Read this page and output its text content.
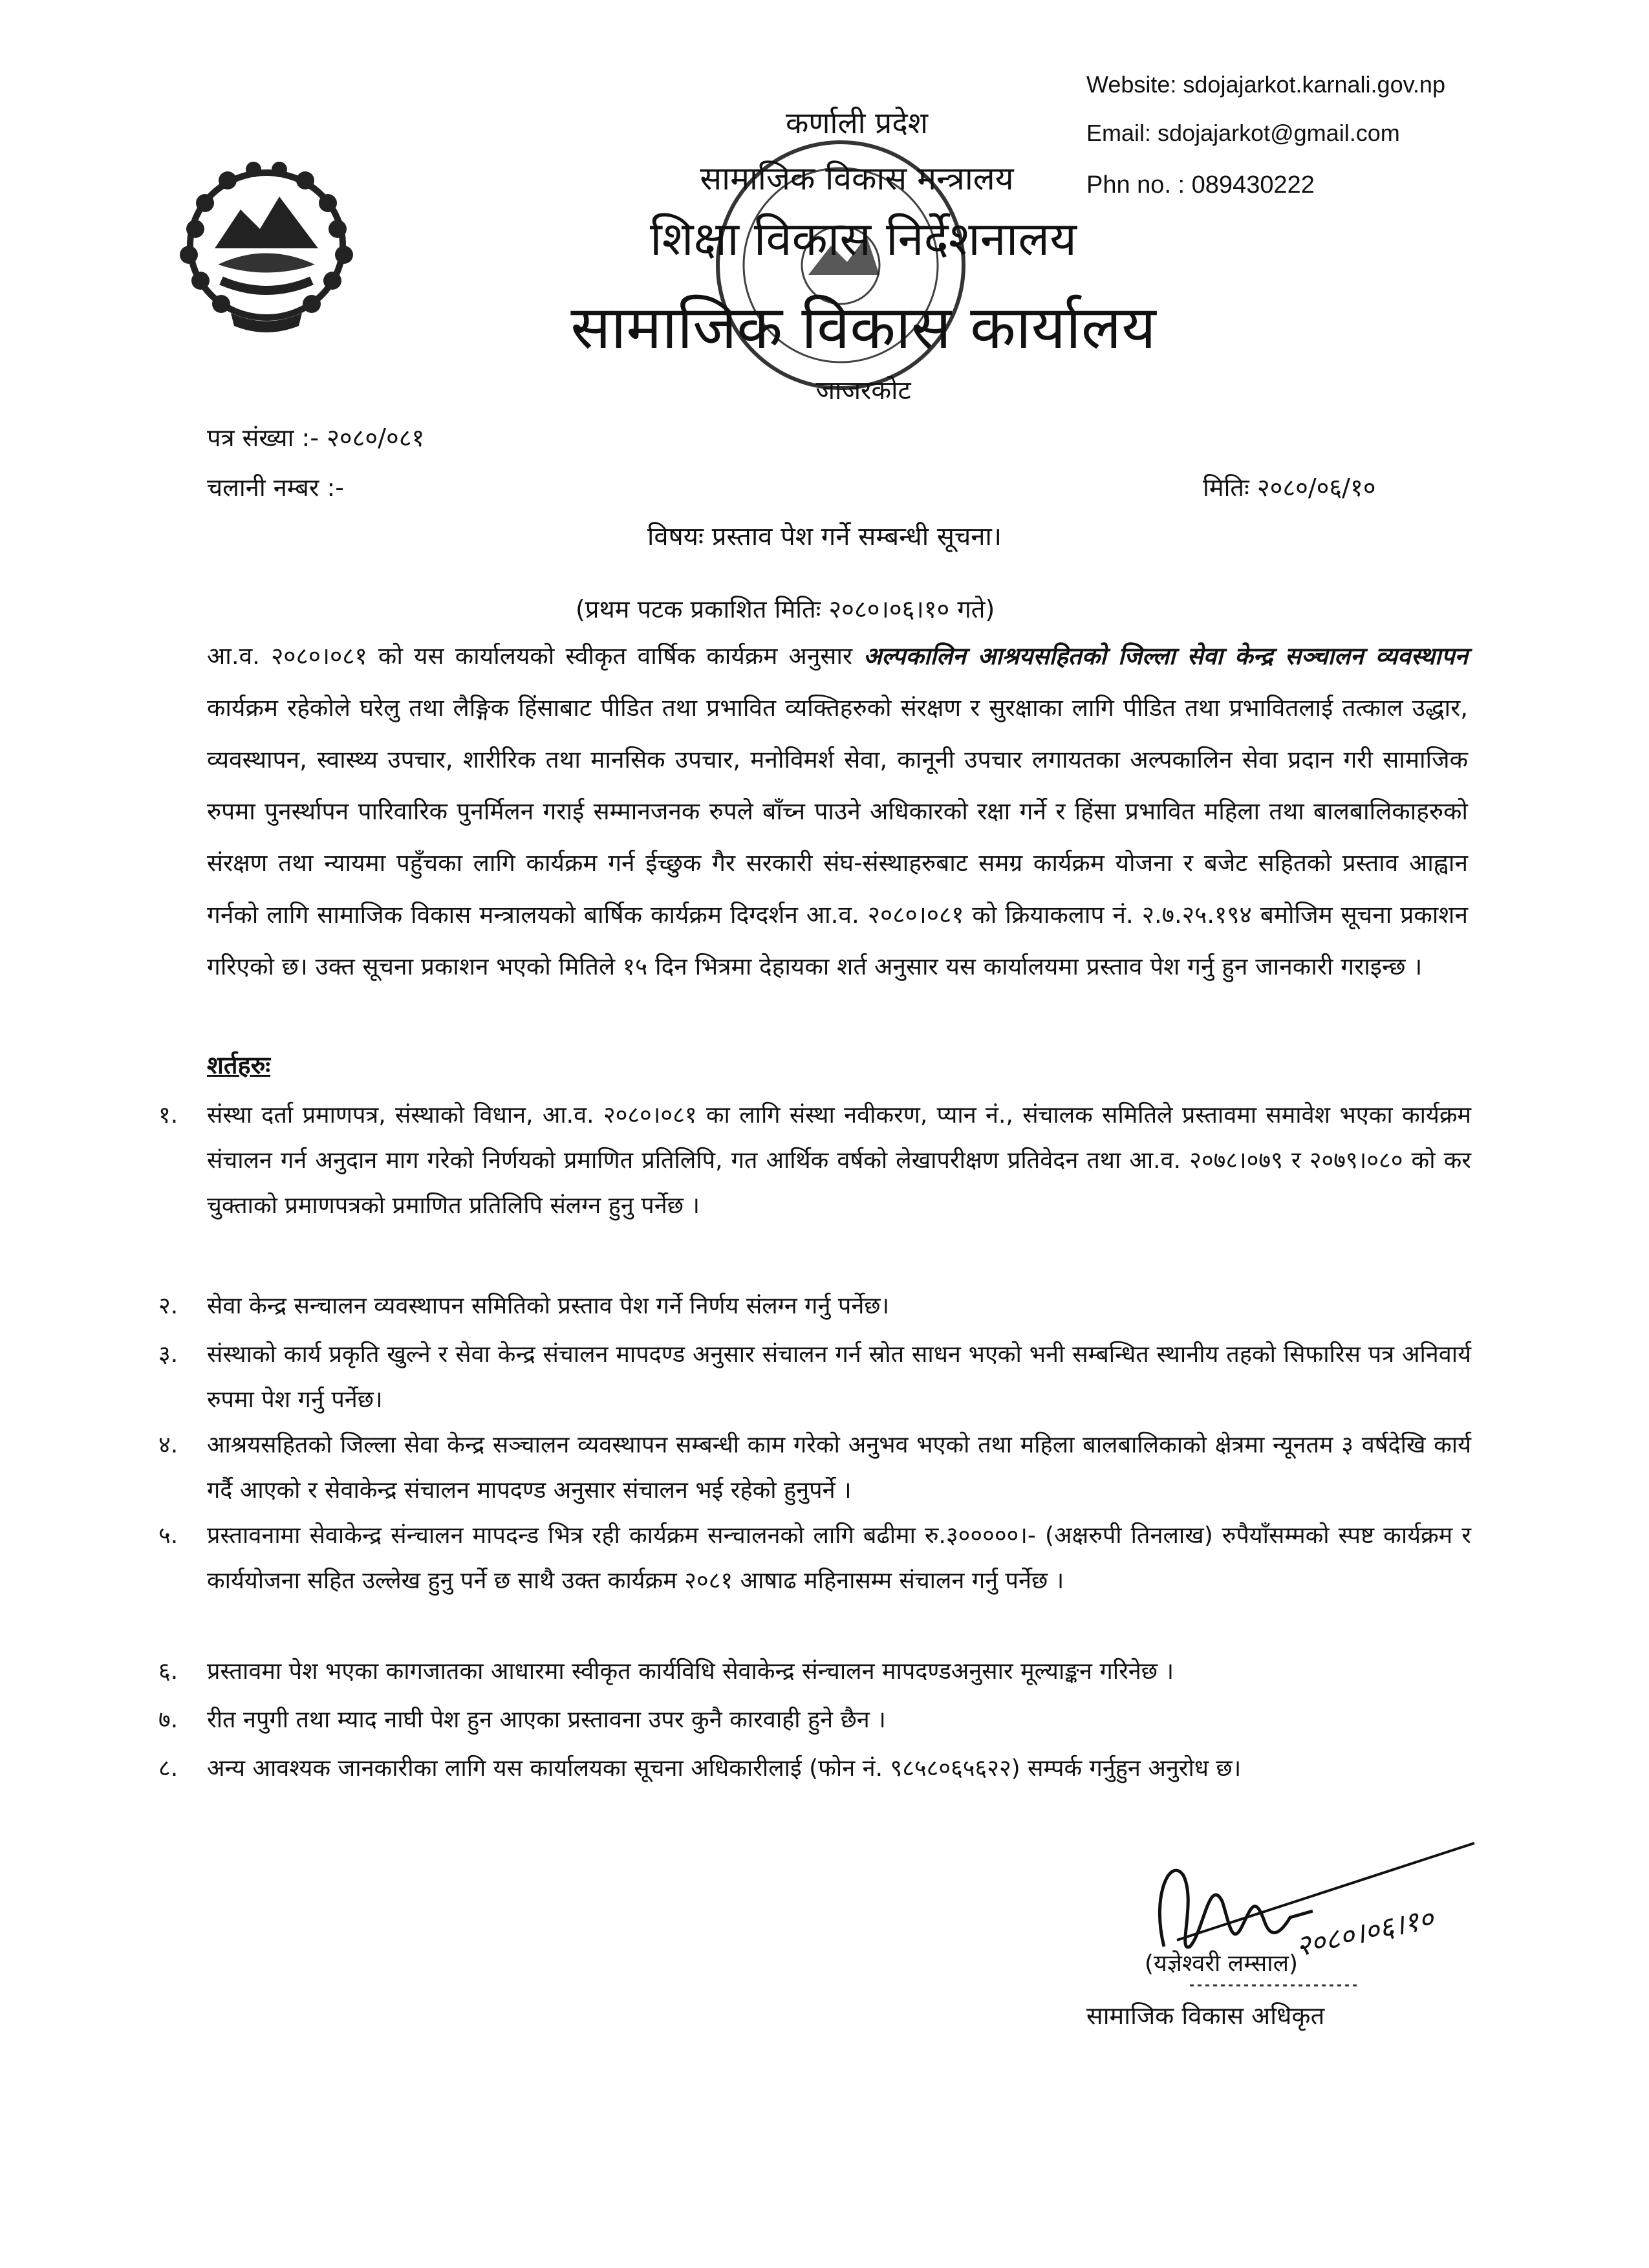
कर्णाली प्रदेश
सामाजिक विकास मन्त्रालय
शिक्षा विकास निर्देशनालय
सामाजिक विकास कार्यालय
जाजरकोट
Website: sdojajarkot.karnali.gov.np
Email: sdojajarkot@gmail.com
Phn no. : 089430222
पत्र संख्या :- २०८०/०८१
चलानी नम्बर :-	मितिः २०८०/०६/१०
विषयः प्रस्ताव पेश गर्ने सम्बन्धी सूचना।
(प्रथम पटक प्रकाशित मितिः २०८०।०६।१० गते)
आ.व. २०८०।०८१ को यस कार्यालयको स्वीकृत वार्षिक कार्यक्रम अनुसार अल्पकालिन आश्रयसहितको जिल्ला सेवा केन्द्र सञ्चालन व्यवस्थापन कार्यक्रम रहेकोले घरेलु तथा लैङ्गिक हिंसाबाट पीडित तथा प्रभावित व्यक्तिहरुको संरक्षण र सुरक्षाका लागि पीडित तथा प्रभावितलाई तत्काल उद्धार, व्यवस्थापन, स्वास्थ्य उपचार, शारीरिक तथा मानसिक उपचार, मनोविमर्श सेवा, कानूनी उपचार लगायतका अल्पकालिन सेवा प्रदान गरी सामाजिक रुपमा पुनर्स्थापन पारिवारिक पुनर्मिलन गराई सम्मानजनक रुपले बाँच्न पाउने अधिकारको रक्षा गर्ने र हिंसा प्रभावित महिला तथा बालबालिकाहरुको संरक्षण तथा न्यायमा पहुँचका लागि कार्यक्रम गर्न ईच्छुक गैर सरकारी संघ-संस्थाहरुबाट समग्र कार्यक्रम योजना र बजेट सहितको प्रस्ताव आह्वान गर्नको लागि सामाजिक विकास मन्त्रालयको बार्षिक कार्यक्रम दिग्दर्शन आ.व. २०८०।०८१ को क्रियाकलाप नं. २.७.२५.१९४ बमोजिम सूचना प्रकाशन गरिएको छ। उक्त सूचना प्रकाशन भएको मितिले १५ दिन भित्रमा देहायका शर्त अनुसार यस कार्यालयमा प्रस्ताव पेश गर्नु हुन जानकारी गराइन्छ ।
शर्तहरुः
१.	संस्था दर्ता प्रमाणपत्र, संस्थाको विधान, आ.व. २०८०।०८१ का लागि संस्था नवीकरण, प्यान नं., संचालक समितिले प्रस्तावमा समावेश भएका कार्यक्रम संचालन गर्न अनुदान माग गरेको निर्णयको प्रमाणित प्रतिलिपि, गत आर्थिक वर्षको लेखापरीक्षण प्रतिवेदन तथा आ.व. २०७८।०७९ र २०७९।०८० को कर चुक्ताको प्रमाणपत्रको प्रमाणित प्रतिलिपि संलग्न हुनु पर्नेछ ।
२.	सेवा केन्द्र सन्चालन व्यवस्थापन समितिको प्रस्ताव पेश गर्ने निर्णय संलग्न गर्नु पर्नेछ।
३.	संस्थाको कार्य प्रकृति खुल्ने र सेवा केन्द्र संचालन मापदण्ड अनुसार संचालन गर्न स्रोत साधन भएको भनी सम्बन्धित स्थानीय तहको सिफारिस पत्र अनिवार्य रुपमा पेश गर्नु पर्नेछ।
४.	आश्रयसहितको जिल्ला सेवा केन्द्र सञ्चालन व्यवस्थापन सम्बन्धी काम गरेको अनुभव भएको तथा महिला बालबालिकाको क्षेत्रमा न्यूनतम ३ वर्षदेखि कार्य गर्दै आएको र सेवाकेन्द्र संचालन मापदण्ड अनुसार संचालन भई रहेको हुनुपर्ने ।
५.	प्रस्तावनामा सेवाकेन्द्र संन्चालन मापदन्ड भित्र रही कार्यक्रम सन्चालनको लागि बढीमा रु.३०००००।- (अक्षरुपी तिनलाख) रुपैयाँसम्मको स्पष्ट कार्यक्रम र कार्ययोजना सहित उल्लेख हुनु पर्ने छ साथै उक्त कार्यक्रम २०८१ आषाढ महिनासम्म संचालन गर्नु पर्नेछ ।
६.	प्रस्तावमा पेश भएका कागजातका आधारमा स्वीकृत कार्यविधि सेवाकेन्द्र संन्चालन मापदण्डअनुसार मूल्याङ्कन गरिनेछ ।
७.	रीत नपुगी तथा म्याद नाघी पेश हुन आएका प्रस्तावना उपर कुनै कारवाही हुने छैन ।
८.	अन्य आवश्यक जानकारीका लागि यस कार्यालयका सूचना अधिकारीलाई (फोन नं. ९८५८०६५६२२) सम्पर्क गर्नुहुन अनुरोध छ।
२०८०।०६।१०
(यज्ञेश्वरी लम्साल)
सामाजिक विकास अधिकृत
